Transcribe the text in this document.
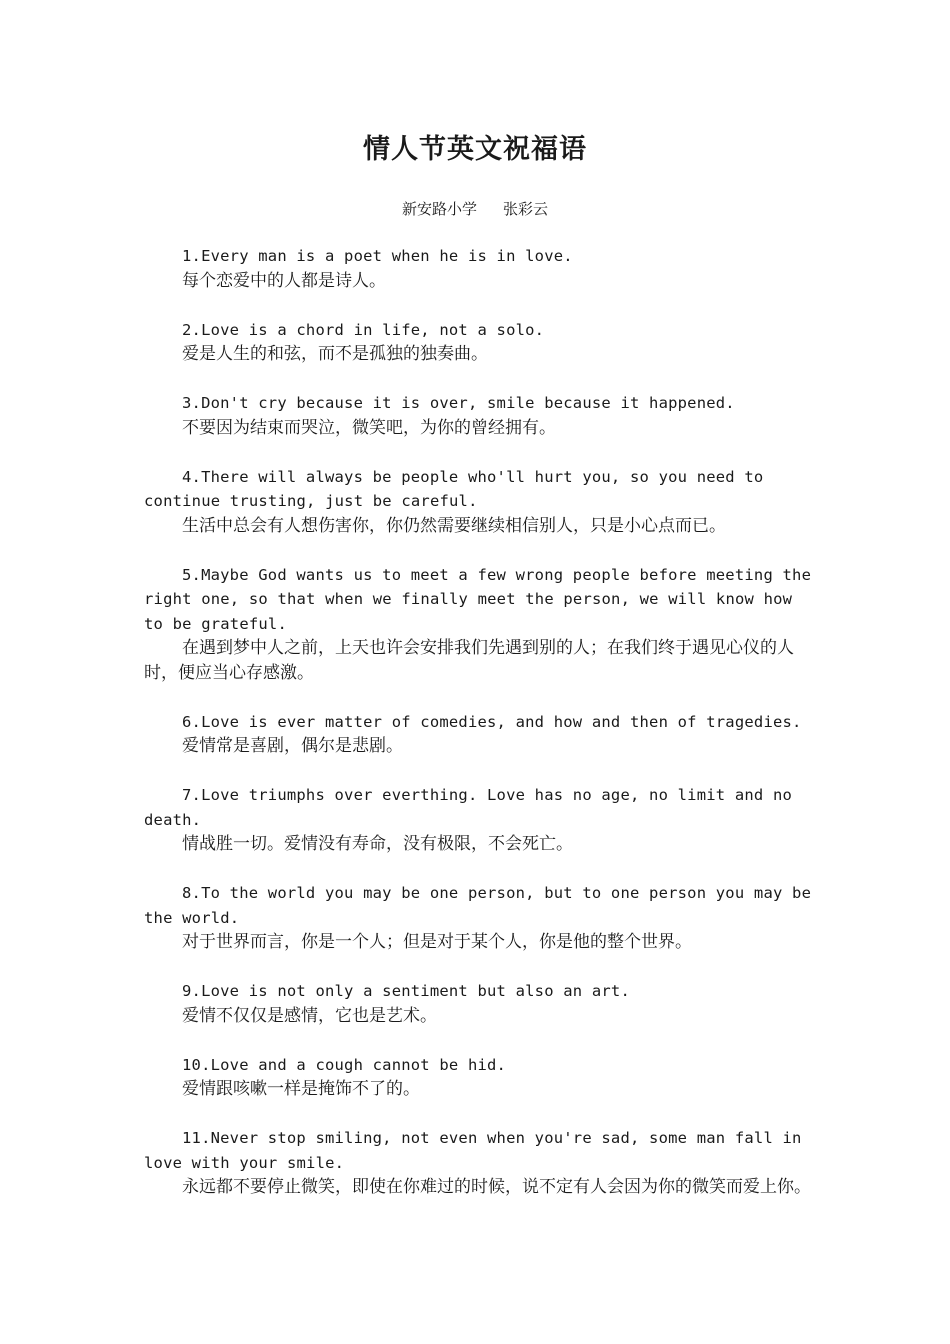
情人节英文祝福语
新安路小学 张彩云

1.Every man is a poet when he is in love.

每个恋爱中的人都是诗人。

2.Love is a chord in life, not a solo.

爱是人生的和弦，而不是孤独的独奏曲。

3.Don't cry because it is over, smile because it happened.

不要因为结束而哭泣，微笑吧，为你的曾经拥有。

4.There will always be people who'll hurt you, so you need to continue trusting, just be careful.

生活中总会有人想伤害你，你仍然需要继续相信别人，只是小心点而已。

5.Maybe God wants us to meet a few wrong people before meeting the right one, so that when we finally meet the person, we will know how to be grateful.

在遇到梦中人之前，上天也许会安排我们先遇到别的人；在我们终于遇见心仪的人时，便应当心存感激。

6.Love is ever matter of comedies, and how and then of tragedies.

爱情常是喜剧，偶尔是悲剧。

7.Love triumphs over everthing. Love has no age, no limit and no death.

情战胜一切。爱情没有寿命，没有极限，不会死亡。

8.To the world you may be one person, but to one person you may be the world.

对于世界而言，你是一个人；但是对于某个人，你是他的整个世界。

9.Love is not only a sentiment but also an art.

爱情不仅仅是感情，它也是艺术。

10.Love and a cough cannot be hid.

爱情跟咳嗽一样是掩饰不了的。

11.Never stop smiling, not even when you're sad, some man fall in love with your smile.

永远都不要停止微笑，即使在你难过的时候，说不定有人会因为你的微笑而爱上你。
